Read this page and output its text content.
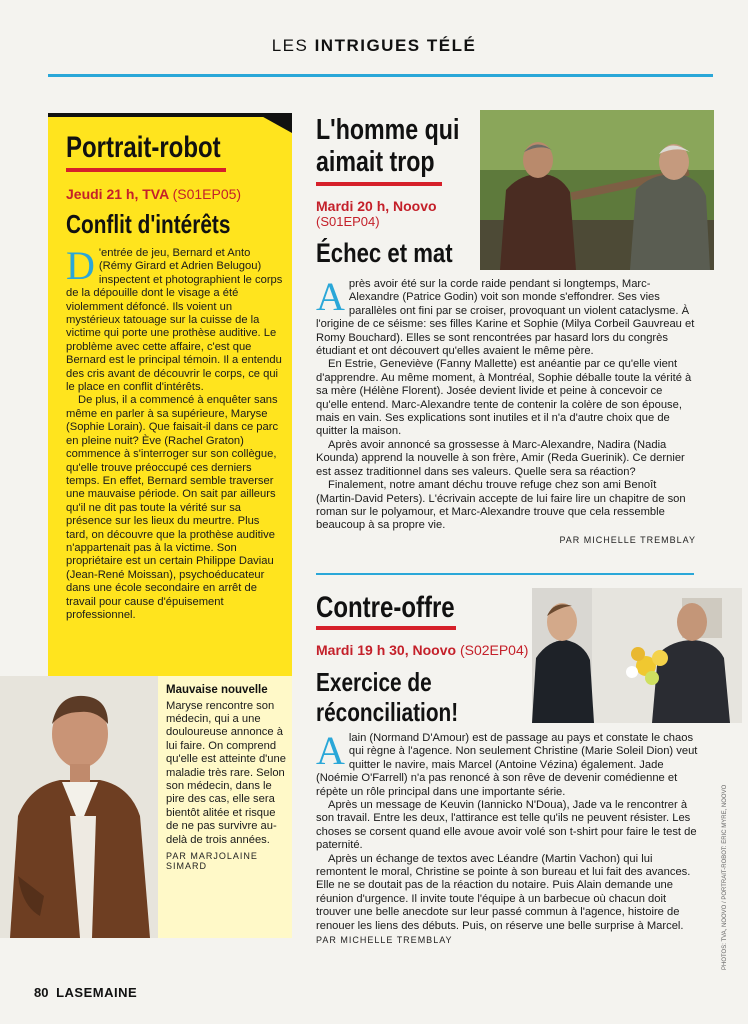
LES INTRIGUES TÉLÉ
Portrait-robot
Jeudi 21 h, TVA (S01EP05)
Conflit d'intérêts
D 'entrée de jeu, Bernard et Anto (Rémy Girard et Adrien Belugou) inspectent et photographient le corps de la dépouille dont le visage a été violemment défoncé. Ils voient un mystérieux tatouage sur la cuisse de la victime qui porte une prothèse auditive. Le problème avec cette affaire, c'est que Bernard est le principal témoin. Il a entendu des cris avant de découvrir le corps, ce qui le place en conflit d'intérêts.

De plus, il a commencé à enquêter sans même en parler à sa supérieure, Maryse (Sophie Lorain). Que faisait-il dans ce parc en pleine nuit? Ève (Rachel Graton) commence à s'interroger sur son collègue, qu'elle trouve préoccupé ces derniers temps. En effet, Bernard semble traverser une mauvaise période. On sait par ailleurs qu'il ne dit pas toute la vérité sur sa présence sur les lieux du meurtre. Plus tard, on découvre que la prothèse auditive n'appartenait pas à la victime. Son propriétaire est un certain Philippe Daviau (Jean-René Moissan), psychoéducateur dans une école secondaire en arrêt de travail pour cause d'épuisement professionnel.

Mauvaise nouvelle
Maryse rencontre son médecin, qui a une douloureuse annonce à lui faire. On comprend qu'elle est atteinte d'une maladie très rare. Selon son médecin, dans le pire des cas, elle sera bientôt alitée et risque de ne pas survivre au-delà de trois années.
PAR MARJOLAINE SIMARD
L'homme qui
aimait trop
Mardi 20 h, Noovo
(S01EP04)
Échec et mat
A près avoir été sur la corde raide pendant si longtemps, Marc-Alexandre (Patrice Godin) voit son monde s'effondrer. Ses vies parallèles ont fini par se croiser, provoquant un violent cataclysme. À l'origine de ce séisme: ses filles Karine et Sophie (Milya Corbeil Gauvreau et Romy Bouchard). Elles se sont rencontrées par hasard lors du congrès étudiant et ont découvert qu'elles avaient le même père.

En Estrie, Geneviève (Fanny Mallette) est anéantie par ce qu'elle vient d'apprendre. Au même moment, à Montréal, Sophie déballe toute la vérité à sa mère (Hélène Florent). Josée devient livide et peine à concevoir ce qu'elle entend. Marc-Alexandre tente de contenir la colère de son épouse, mais en vain. Ses explications sont inutiles et il n'a d'autre choix que de quitter la maison.

Après avoir annoncé sa grossesse à Marc-Alexandre, Nadira (Nadia Kounda) apprend la nouvelle à son frère, Amir (Reda Guerinik). Ce dernier est assez traditionnel dans ses valeurs. Quelle sera sa réaction?

Finalement, notre amant déchu trouve refuge chez son ami Benoît (Martin-David Peters). L'écrivain accepte de lui faire lire un chapitre de son roman sur le polyamour, et Marc-Alexandre trouve que cela ressemble beaucoup à sa propre vie.

PAR MICHELLE TREMBLAY
Contre-offre
Mardi 19 h 30, Noovo (S02EP04)
Exercice de
réconciliation!
A lain (Normand D'Amour) est de passage au pays et constate le chaos qui règne à l'agence. Non seulement Christine (Marie Soleil Dion) veut quitter le navire, mais Marcel (Antoine Vézina) également. Jade (Noémie O'Farrell) n'a pas renoncé à son rêve de devenir comédienne et répète un rôle principal dans une importante série.

Après un message de Keuvin (Iannicko N'Doua), Jade va le rencontrer à son travail. Entre les deux, l'attirance est telle qu'ils ne peuvent résister. Les choses se corsent quand elle avoue avoir volé son t-shirt pour faire le test de paternité.

Après un échange de textos avec Léandre (Martin Vachon) qui lui remontent le moral, Christine se pointe à son bureau et lui fait des avances. Elle ne se doutait pas de la réaction du notaire. Puis Alain demande une réunion d'urgence. Il invite toute l'équipe à un barbecue où chacun doit trouver une belle anecdote sur leur passé commun à l'agence, histoire de renouer les liens des débuts. Puis, on réserve une belle surprise à Marcel.

PAR MICHELLE TREMBLAY	PHOTOS: TVA, NOOVO / PORTRAIT-ROBOT: ÉRIC MYRE, NOOVO
80 LASEMAINE
